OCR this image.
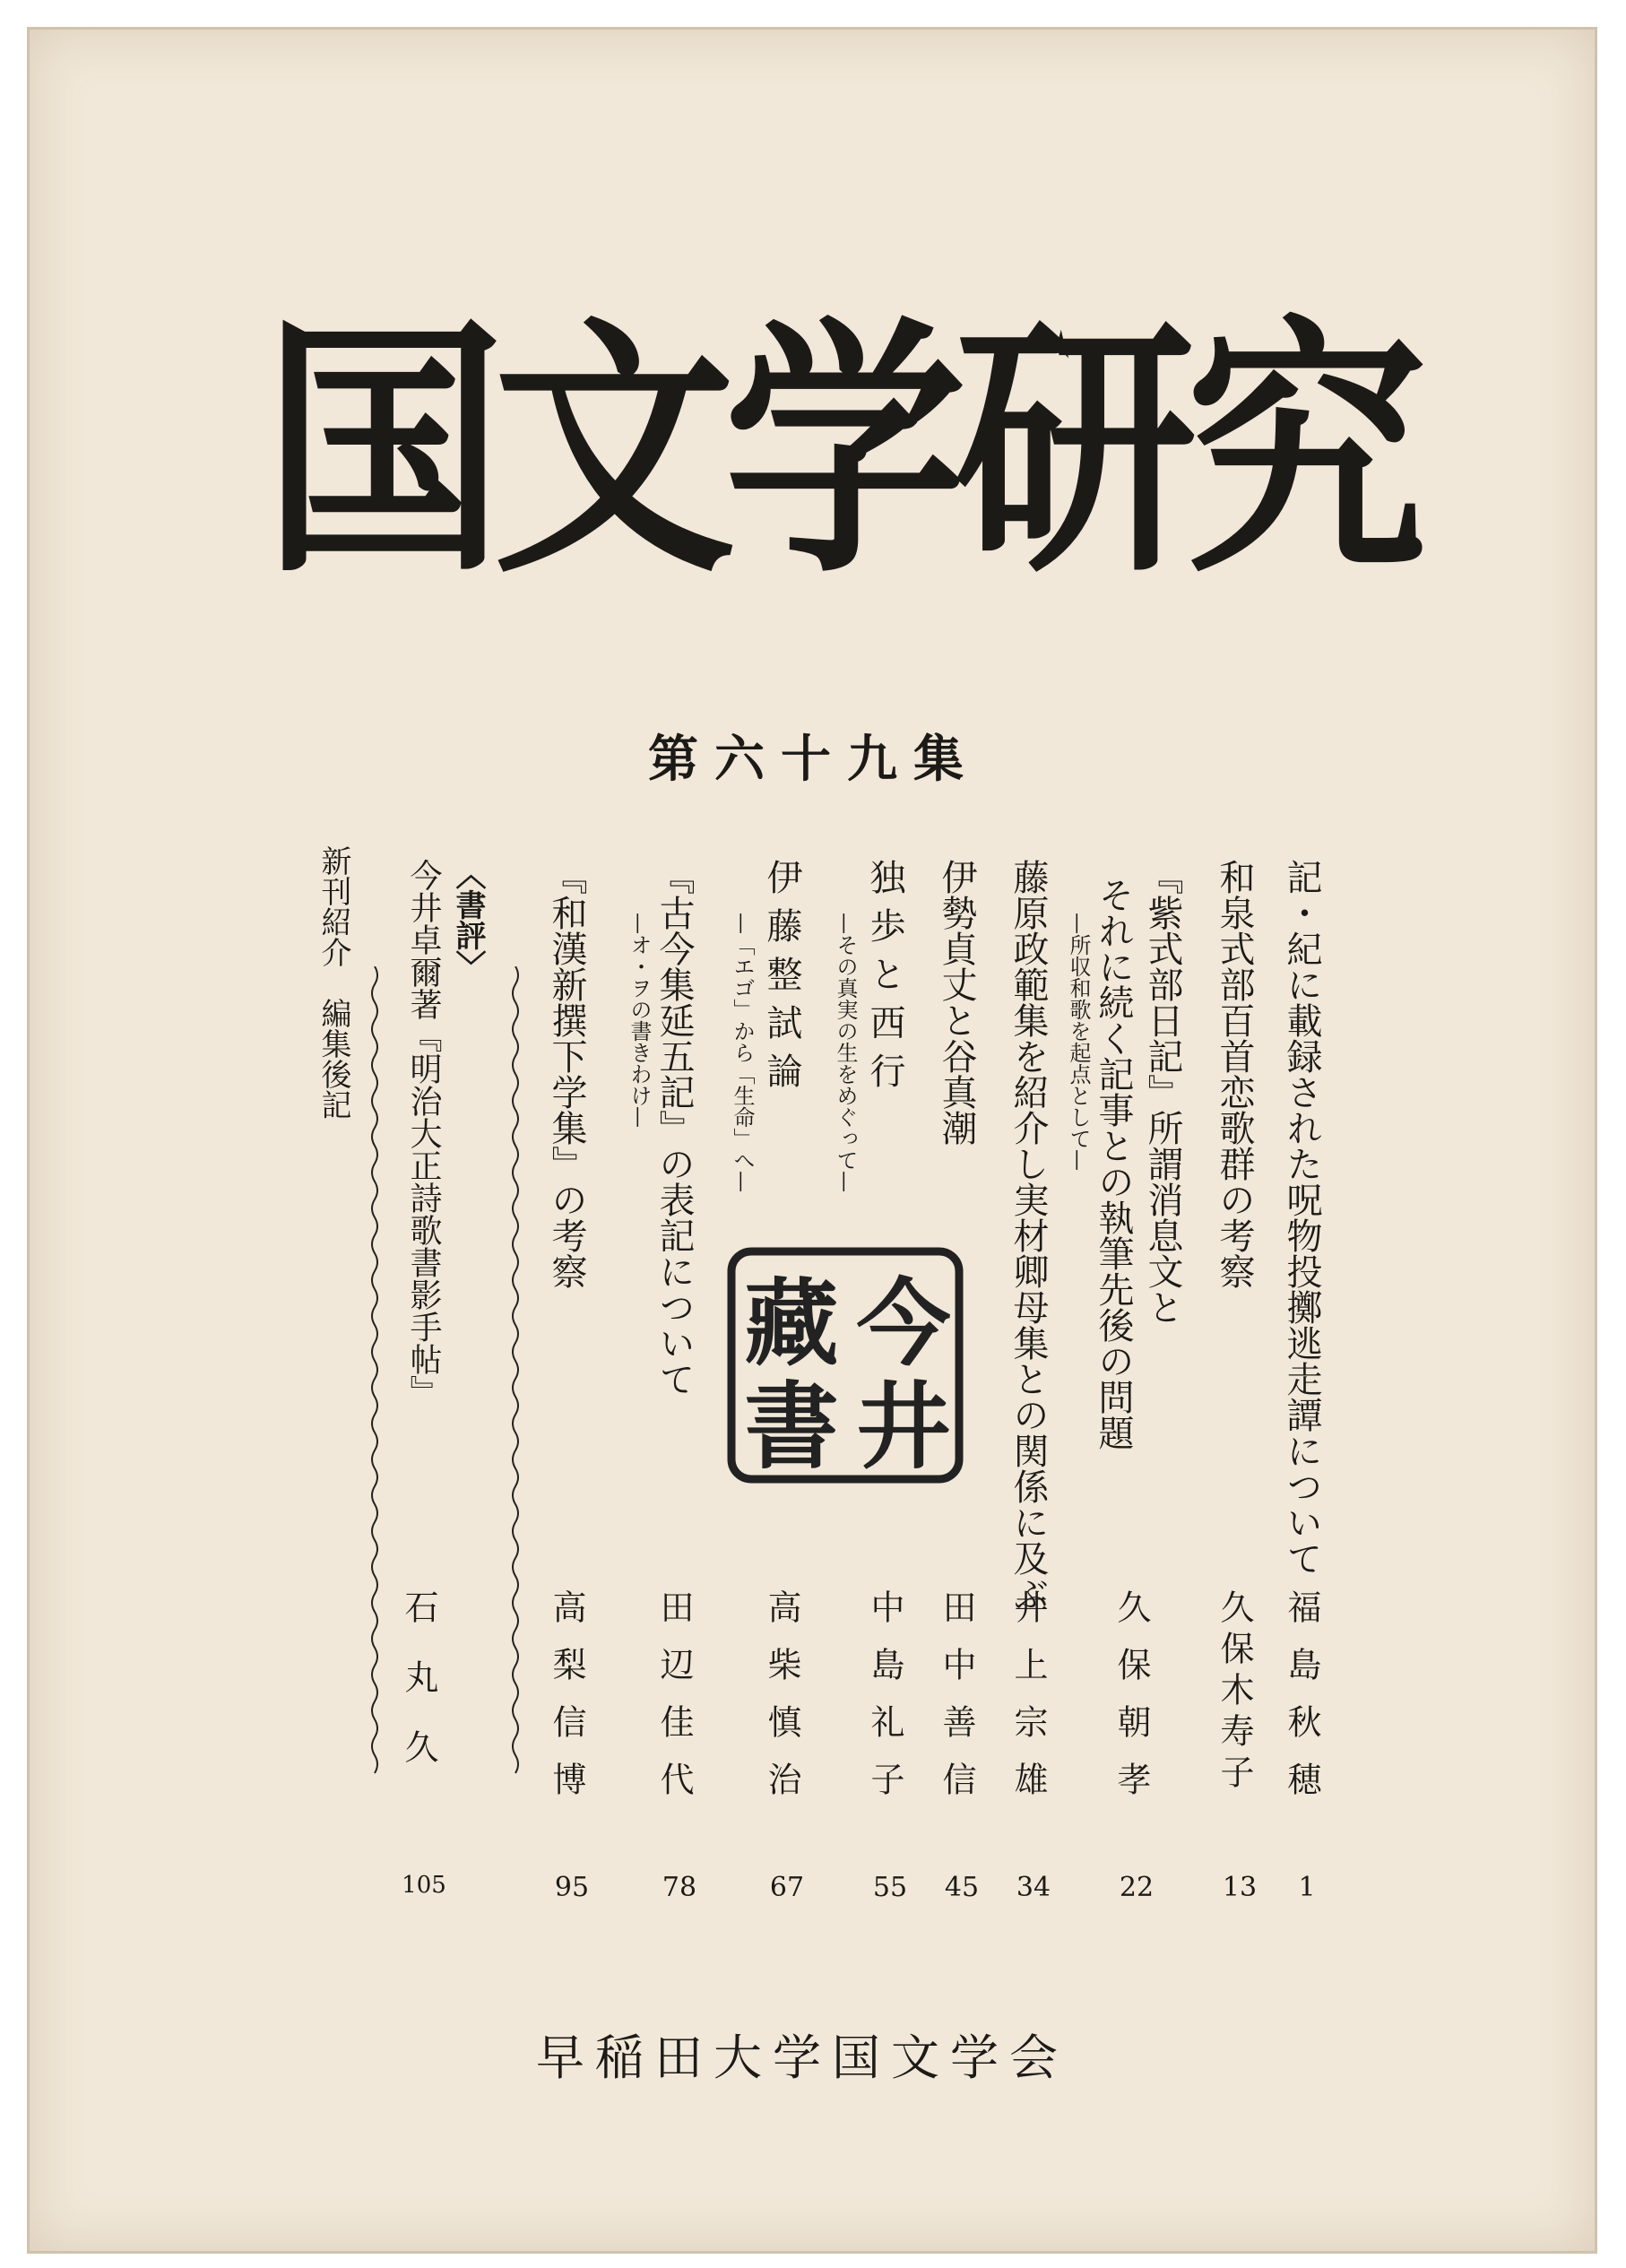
国文学研究
第六十九集
記・紀に載録された呪物投擲逃走譚について
福島秋穂
1
和泉式部百首恋歌群の考察
久保木寿子
13
『紫式部日記』所謂消息文と
それに続く記事との執筆先後の問題
—所収和歌を起点として—
久保朝孝
22
藤原政範集を紹介し実材卿母集との関係に及ぶ
井上宗雄
34
伊勢貞丈と谷真潮
田中善信
45
独歩と西行
—その真実の生をめぐって—
中島礼子
55
伊藤整試論
—「エゴ」から「生命」へ—
高柴慎治
67
『古今集延五記』の表記について
—オ・ヲの書きわけ—
田辺佳代
78
『和漢新撰下学集』の考察
高梨信博
95
〈書評〉
今井卓爾著『明治大正詩歌書影手帖』
石丸久
105
新刊紹介　編集後記
今
井
藏
書
早稲田大学国文学会
